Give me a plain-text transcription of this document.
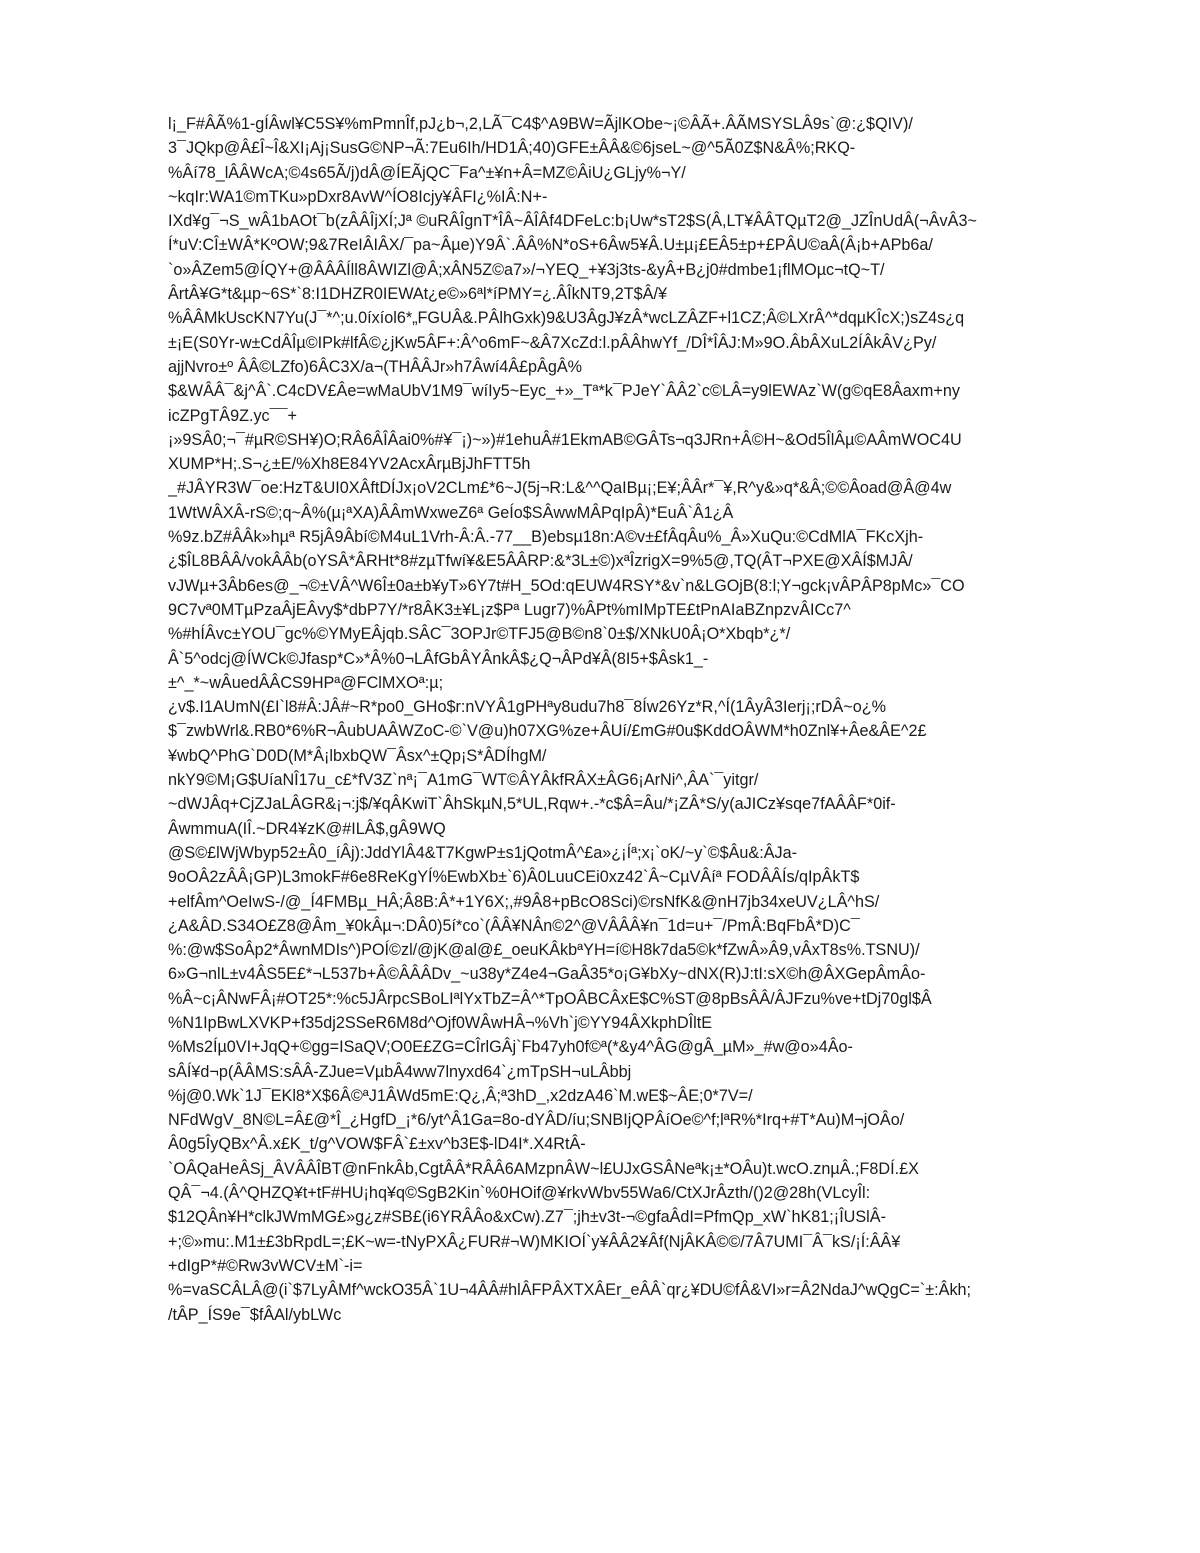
l¡_F#ÂÃ%1-gÍÂwl¥C5S¥%mPmnÎf,pJ¿b¬,2,LÃ¯C4$^A9BW=ÃjlKObe~¡©ÂÃ+.ÂÃMSYSLÂ9s`@:¿$QIV)/
3¯JQkp@Â£Î~Î&XI¡Aj¡SusG©NP¬Ã:7Eu6Ih/HD1Â;40)GFE±ÂÂ&©6jseL~@^5Ã0Z$N&Â%;RKQ-
%Âí78_lÂÂWcA;©4s65Ã/j)dÂ@ÍEÃjQC¯Fa^±¥n+Â=MZ©ÂiU¿GLjy%¬Y/
~kqIr:WA1©mTKu»pDxr8AvW^ÍO8Icjy¥ÂFI¿%IÂ:N+-
IXd¥g¯¬S_wÂ1bAOt¯b(zÂÂÎjXÍ;Jª ©uRÂÎgnT*ÎÂ~ÂÎÂf4DFeLc:b¡Uw*sT2$S(Â,LT¥ÂÂTQµT2@_JZÎnUdÂ(¬ÂvÂ3~
Í*uV:CÎ±WÂ*KºOW;9&7ReIÂIÂX/¯pa~Âµe)Y9Â`.ÂÂ%N*oS+6Âw5¥Â.U±µ¡£EÂ5±p+£PÂU©aÂ(Â¡b+APb6a/
`o»ÂZem5@ÍQY+@ÂÂÂÍll8ÂWIZl@Â;xÂN5Z©a7»/¬YEQ_+¥3j3ts-&yÂ+B¿j0#dmbe1¡flMOµc¬tQ~T/
ÂrtÂ¥G*t&µp~6S*`8:I1DHZR0IEWAt¿e©»6ªl*íPMY=¿.ÂÎkNT9,2T$Â/¥
%ÂÂMkUscKN7Yu(J¯*^;u.0íxíol6*„FGUÂ&.PÂlhGxk)9&U3ÂgJ¥zÂ*wcLZÂZF+l1CZ;Â©LXrÂ^*dqµKÎcX;)sZ4s¿q
±¡E(S0Yr-w±CdÂÎµ©IPk#lfÂ©¿jKw5ÂF+:Â^o6mF~&Â7XcZd:l.pÂÂhwYf_/DÎ*ÎÂJ:M»9O.ÂbÂXuL2ÍÂkÂV¿Py/
ajjNvro±º ÂÂ©LZfo)6ÂC3X/a¬(THÂÂJr»h7Âwí4Â£pÂgÂ%
$&WÂÂ¯&j^Â`.C4cDV£Âe=wMaUbV1M9¯wíIy5~Eyc_+»_Tª*k¯PJeY`ÂÂ2`c©LÂ=y9lEWAz`W(g©qE8Âaxm+ny
icZPgTÂ9Z.yc¯¯+
¡»9SÂ0;¬¯#µR©SH¥)O;RÂ6ÂÎÂai0%#¥¯¡)~»)#1ehuÂ#1EkmAB©GÂTs¬q3JRn+Â©H~&Od5ÎlÂµ©AÂmWOC4U
XUMP*H;.S¬¿±E/%Xh8E84YV2AcxÂrµBjJhFTT5h
_#JÂYR3W¯oe:HzT&UI0XÂftDÍJx¡oV2CLm£*6~J(5j¬R:L&^^QaIBµ¡;E¥;ÂÂr*¯¥,R^y&»q*&Â;©©Âoad@Â@4w
1WtWÂXÂ-rS©;q~Â%(µ¡ªXA)ÂÂmWxweZ6ª GeÍo$SÂwwMÂPqIpÂ)*EuÂ`Â1¿Â
%9z.bZ#ÂÂk»hµª R5jÂ9Âbí©M4uL1Vrh-Â:Â.-77__B)ebsµ18n:A©v±£fÂqÂu%_Â»XuQu:©CdMlA¯FKcXjh-
¿$ÎL8BÂÂ/vokÂÂb(oYSÂ*ÂRHt*8#zµTfwí¥&E5ÂÂRP:&*3L±©)xªÎzrigX=9%5@,TQ(ÂT¬PXE@XÂÍ$MJÂ/
vJWµ+3Âb6es@_¬©±VÂ^W6Î±0a±b¥yT»6Y7t#H_5Od:qEUW4RSY*&v`n&LGOjB(8:l;Y¬gck¡vÂPÂP8pMc»¯CO
9C7vª0MTµPzaÂjEÂvy$*dbP7Y/*r8ÂK3±¥L¡z$Pª Lugr7)%ÂPt%mIMpTE£tPnAIaBZnpzvÂICc7^
%#hÍÂvc±YOU¯gc%©YMyEÂjqb.SÂC¯3OPJr©TFJ5@B©n8`0±$/XNkU0Â¡O*Xbqb*¿*/
Â`5^odcj@ÍWCk©Jfasp*C»*Â%0¬LÂfGbÂYÂnkÂ$¿Q¬ÂPd¥Â(8I5+$Âsk1_-
±^_*~wÂuedÂÂCS9HPª@FClMXOª:µ;
¿v$.I1AUmN(£I`l8#Â:JÂ#~R*po0_GHo$r:nVYÂ1gPHªy8udu7h8¯8Íw26Yz*R,^Í(1ÂyÂ3Ierj¡;rDÂ~o¿%
$¯zwbWrl&.RB0*6%R¬ÂubUAÂWZoC-©`V@u)h07XG%ze+ÂUí/£mG#0u$KddOÂWM*h0Znl¥+Âe&ÂE^2£
¥wbQ^PhG`D0D(M*Â¡lbxbQW¯Âsx^±Qp¡S*ÂDÍhgM/
nkY9©M¡G$UíaNÎ17u_c£*fV3Z`nª¡¯A1mG¯WT©ÂYÂkfRÂX±ÂG6¡ArNi^,ÂA`¯yitgr/
~dWJÂq+CjZJaLÂGR&¡¬:j$/¥qÂKwiT`ÂhSkµN,5*UL,Rqw+.-*c$Â=Âu/*¡ZÂ*S/y(aJICz¥sqe7fAÂÂF*0if-
ÂwmmuA(IÎ.~DR4¥zK@#ILÂ$,gÂ9WQ
@S©£lWjWbyp52±Â0_íÂj):JddYlÂ4&T7KgwP±s1jQotmÂ^£a»¿¡Íª;x¡`oK/~y`©$Âu&:ÂJa-
9oOÂ2zÂÂ¡GP)L3mokF#6e8ReKgYÍ%EwbXb±`6)Â0LuuCEi0xz42`Â~CµVÂíª FODÂÂÍs/qIpÂkT$
+elfÂm^OeIwS-/@_Í4FMBµ_HÂ;Â8B:Â*+1Y6X;,#9Â8+pBcO8Sci)©rsNfK&@nH7jb34xeUV¿LÂ^hS/
¿A&ÂD.S34O£Z8@Âm_¥0kÂµ¬:DÂ0)5í*co`(ÂÂ¥NÂn©2^@VÂÂÂ¥n¯1d=u+¯/PmÂ:BqFbÂ*D)C¯
%:@w$SoÂp2*ÂwnMDIs^)POÍ©zl/@jK@al@£_oeuKÂkbªYH=í©H8k7da5©k*fZwÂ»Â9,vÂxT8s%.TSNU)/
6»G¬nlL±v4ÂS5E£*¬L537b+Â©ÂÂÂDv_~u38y*Z4e4¬GaÂ35*o¡G¥bXy~dNX(R)J:tI:sX©h@ÂXGepÂmÂo-
%Â~c¡ÂNwFÂ¡#OT25*:%c5JÂrpcSBoLIªlYxTbZ=Â^*TpOÂBCÂxE$C%ST@8pBsÂÂ/ÂJFzu%ve+tDj70gl$Â
%N1IpBwLXVKP+f35dj2SSeR6M8d^Ojf0WÂwHÂ¬%Vh`j©YY94ÂXkphDÎltE
%Ms2Íµ0VI+JqQ+©gg=ISaQV;O0E£ZG=CÎrlGÂj`Fb47yh0f©ª(*&y4^ÂG@gÂ_µM»_#w@o»4Âo-
sÂÍ¥d¬p(ÂÂMS:sÂÂ-ZJue=VµbÂ4ww7lnyxd64`¿mTpSH¬uLÂbbj
%j@0.Wk`1J¯EKl8*X$6Â©ªJ1ÂWd5mE:Q¿,Â;ª3hD_,x2dzA46`M.wE$~ÂE;0*7V=/
NFdWgV_8N©L=Â£@*Î_¿HgfD_¡*6/yt^Â1Ga=8o-dYÂD/íu;SNBIjQPÂíOe©^f;lªR%*Irq+#T*Au)M¬jOÂo/
Â0g5ÎyQBx^Â.x£K_t/g^VOW$FÂ`£±xv^b3E$-lD4I*.X4RtÂ-
`OÂQaHeÂSj_ÂVÂÂÎBT@nFnkÂb,CgtÂÂ*RÂÂ6AMzpnÂW~l£UJxGSÂNeªk¡±*OÂu)t.wcO.znµÂ.;F8DÍ.£X
QÂ¯¬4.(Â^QHZQ¥t+tF#HU¡hq¥q©SgB2Kin`%0HOif@¥rkvWbv55Wa6/CtXJrÂzth/()2@28h(VLcyÎl:
$12QÂn¥H*clkJWmMG£»g¿z#SB£(i6YRÂÂo&xCw).Z7¯;jh±v3t-¬©gfaÂdI=PfmQp_xW`hK81;¡ÎUSlÂ-
+;©»mu:.M1±£3bRpdL=;£K~w=-tNyPXÂ¿FUR#¬W)MKIOÍ`y¥ÂÂ2¥Âf(NjÂKÂ©©/7Â7UMI¯Â¯kS/¡Í:ÂÂ¥
+dIgP*#©Rw3vWCV±M`-i=
%=vaSCÂLÂ@(i`$7LyÂMf^wckO35Â`1U¬4ÂÂ#hlÂFPÂXTXÂEr_eÂÂ`qr¿¥DU©fÂ&VI»r=Â2NdaJ^wQgC=`±:Âkh;
/tÂP_ÍS9e¯$fÂAl/ybLWc
